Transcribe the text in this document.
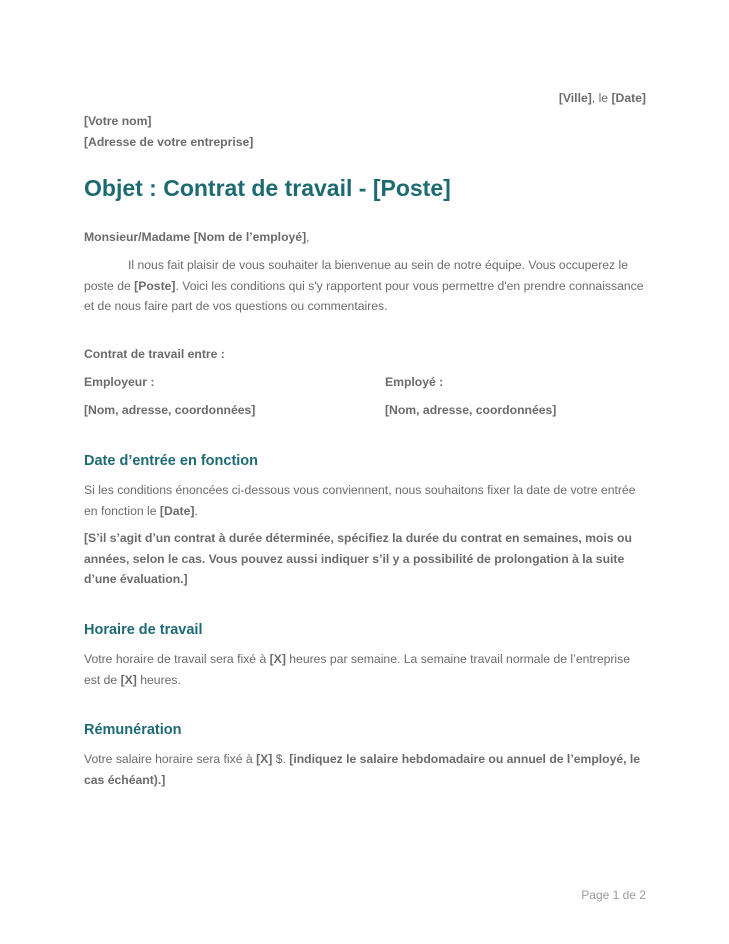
[Ville], le [Date]
[Votre nom]
[Adresse de votre entreprise]
Objet : Contrat de travail - [Poste]
Monsieur/Madame [Nom de l’employé],

Il nous fait plaisir de vous souhaiter la bienvenue au sein de notre équipe. Vous occuperez le poste de [Poste]. Voici les conditions qui s'y rapportent pour vous permettre d'en prendre connaissance et de nous faire part de vos questions ou commentaires.

Contrat de travail entre :
Employeur :	Employé :
[Nom, adresse, coordonnées]	[Nom, adresse, coordonnées]
Date d’entrée en fonction

Si les conditions énoncées ci-dessous vous conviennent, nous souhaitons fixer la date de votre entrée en fonction le [Date].

[S’il s’agit d’un contrat à durée déterminée, spécifiez la durée du contrat en semaines, mois ou années, selon le cas. Vous pouvez aussi indiquer s’il y a possibilité de prolongation à la suite d’une évaluation.]

Horaire de travail

Votre horaire de travail sera fixé à [X] heures par semaine. La semaine travail normale de l’entreprise est de [X] heures.

Rémunération

Votre salaire horaire sera fixé à [X] $. [indiquez le salaire hebdomadaire ou annuel de l’employé, le cas échéant).]

Page 1 de 2
